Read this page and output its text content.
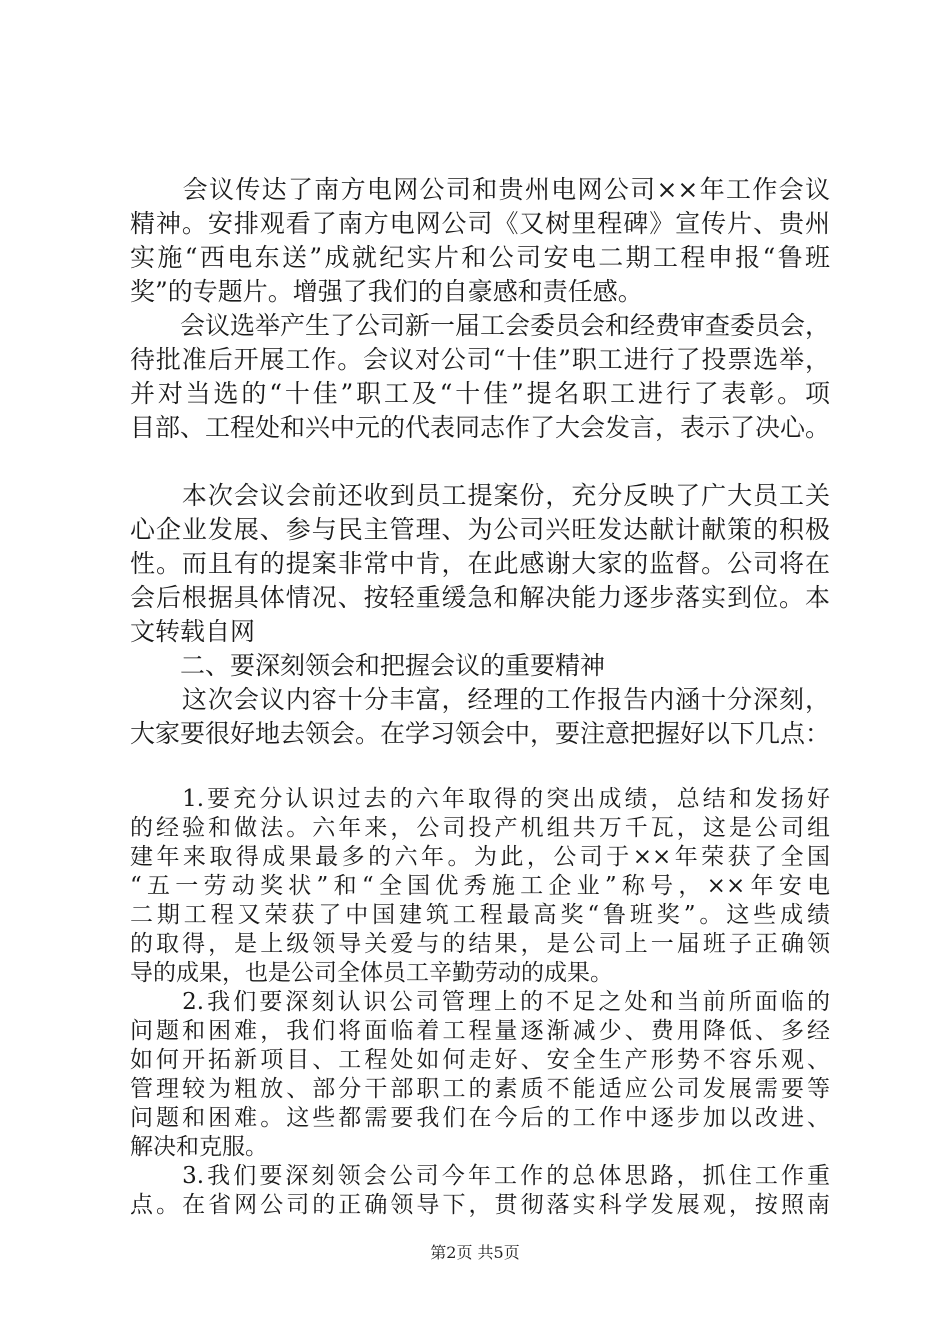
　　会议传达了南方电网公司和贵州电网公司××年工作会议
精神。安排观看了南方电网公司《又树里程碑》宣传片、贵州
实施“西电东送”成就纪实片和公司安电二期工程申报“鲁班
奖”的专题片。增强了我们的自豪感和责任感。
　　会议选举产生了公司新一届工会委员会和经费审查委员会，
待批准后开展工作。会议对公司“十佳”职工进行了投票选举，
并对当选的“十佳”职工及“十佳”提名职工进行了表彰。项
目部、工程处和兴中元的代表同志作了大会发言，表示了决心。
　　本次会议会前还收到员工提案份，充分反映了广大员工关
心企业发展、参与民主管理、为公司兴旺发达献计献策的积极
性。而且有的提案非常中肯，在此感谢大家的监督。公司将在
会后根据具体情况、按轻重缓急和解决能力逐步落实到位。本
文转载自网
　　二、要深刻领会和把握会议的重要精神
　　这次会议内容十分丰富，经理的工作报告内涵十分深刻，
大家要很好地去领会。在学习领会中，要注意把握好以下几点：
　　1.要充分认识过去的六年取得的突出成绩，总结和发扬好
的经验和做法。六年来，公司投产机组共万千瓦，这是公司组
建年来取得成果最多的六年。为此，公司于××年荣获了全国
“五一劳动奖状”和“全国优秀施工企业”称号，××年安电
二期工程又荣获了中国建筑工程最高奖“鲁班奖”。这些成绩
的取得，是上级领导关爱与的结果，是公司上一届班子正确领
导的成果，也是公司全体员工辛勤劳动的成果。
　　2.我们要深刻认识公司管理上的不足之处和当前所面临的
问题和困难，我们将面临着工程量逐渐减少、费用降低、多经
如何开拓新项目、工程处如何走好、安全生产形势不容乐观、
管理较为粗放、部分干部职工的素质不能适应公司发展需要等
问题和困难。这些都需要我们在今后的工作中逐步加以改进、
解决和克服。
　　3.我们要深刻领会公司今年工作的总体思路，抓住工作重
点。在省网公司的正确领导下，贯彻落实科学发展观，按照南
第2页 共5页
